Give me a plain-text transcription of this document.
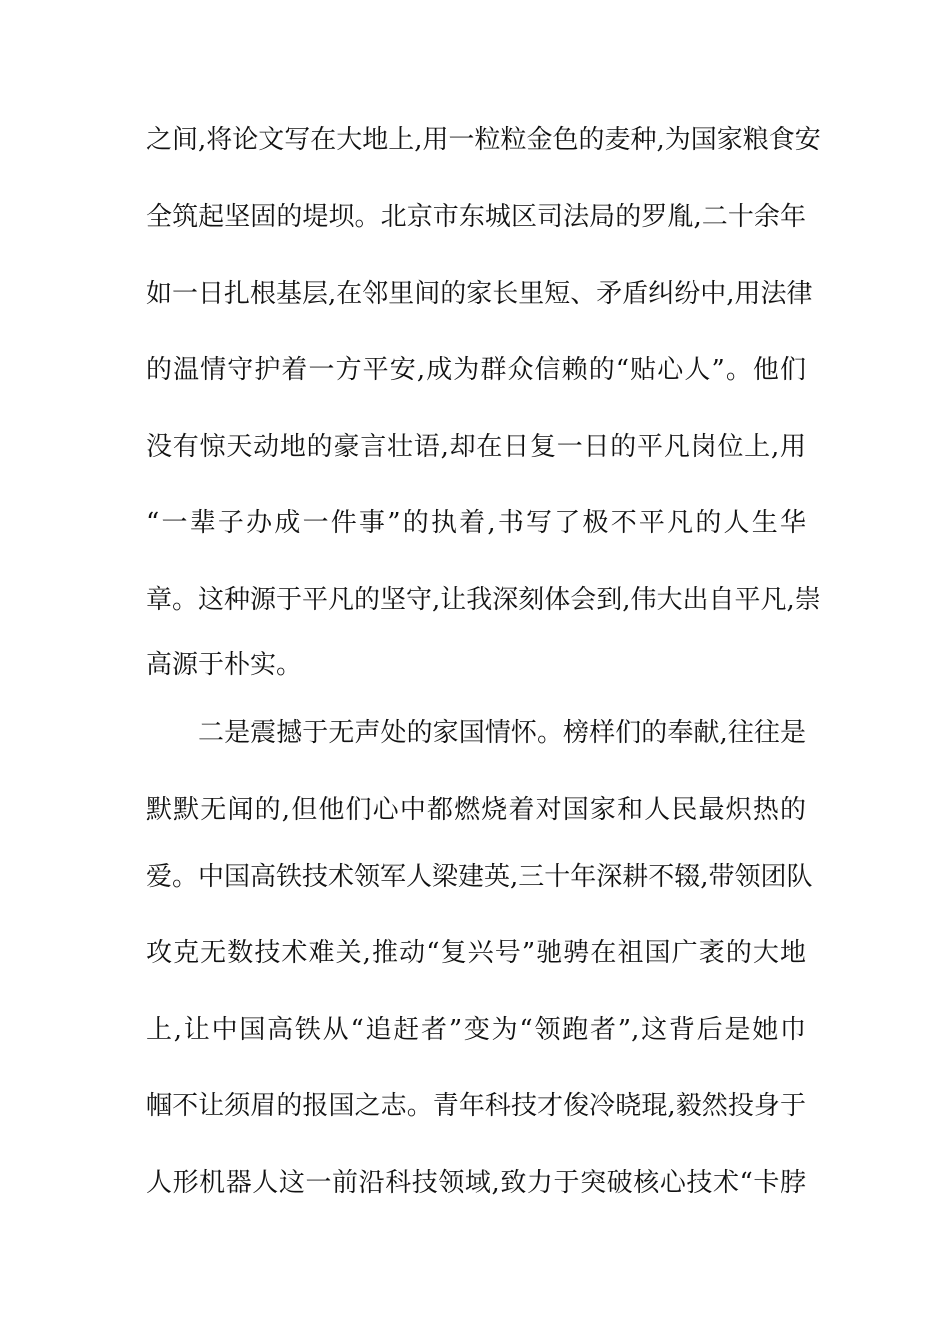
之间,将论文写在大地上,用一粒粒金色的麦种,为国家粮食安
全筑起坚固的堤坝。北京市东城区司法局的罗胤,二十余年
如一日扎根基层,在邻里间的家长里短、矛盾纠纷中,用法律
的温情守护着一方平安,成为群众信赖的“贴心人”。他们
没有惊天动地的豪言壮语,却在日复一日的平凡岗位上,用
“一辈子办成一件事”的执着,书写了极不平凡的人生华
章。这种源于平凡的坚守,让我深刻体会到,伟大出自平凡,崇
高源于朴实。
二是震撼于无声处的家国情怀。榜样们的奉献,往往是
默默无闻的,但他们心中都燃烧着对国家和人民最炽热的
爱。中国高铁技术领军人梁建英,三十年深耕不辍,带领团队
攻克无数技术难关,推动“复兴号”驰骋在祖国广袤的大地
上,让中国高铁从“追赶者”变为“领跑者”,这背后是她巾
帼不让须眉的报国之志。青年科技才俊冷晓琨,毅然投身于
人形机器人这一前沿科技领域,致力于突破核心技术“卡脖
